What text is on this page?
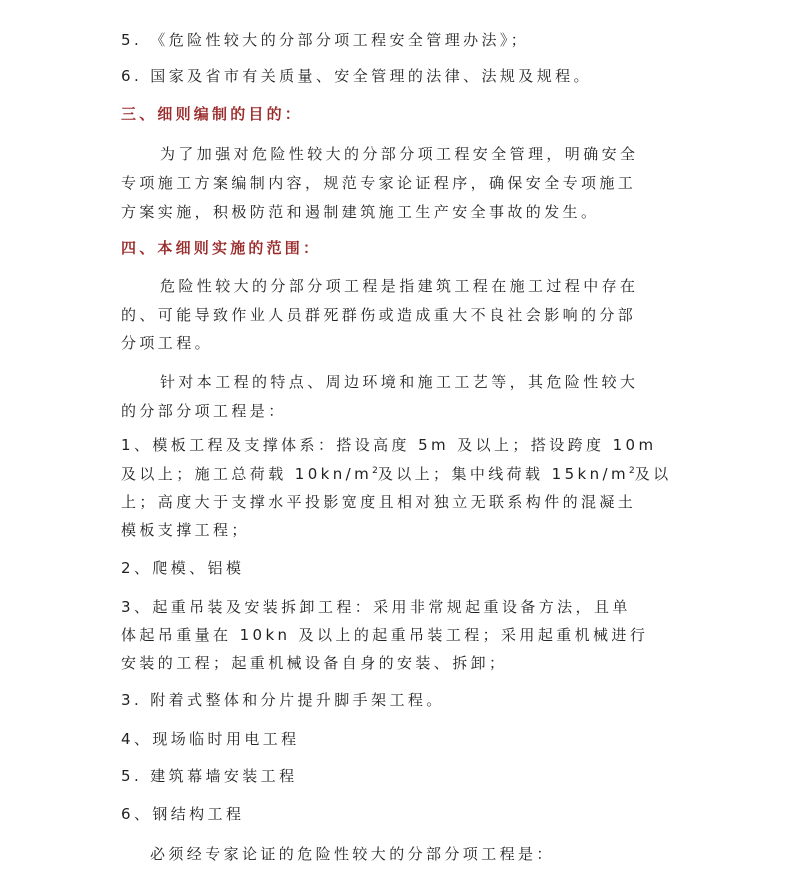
5. 《危险性较大的分部分项工程安全管理办法》；
6. 国家及省市有关质量、安全管理的法律、法规及规程。
三、细则编制的目的：
为了加强对危险性较大的分部分项工程安全管理，明确安全
专项施工方案编制内容，规范专家论证程序，确保安全专项施工
方案实施，积极防范和遏制建筑施工生产安全事故的发生。
四、本细则实施的范围：
危险性较大的分部分项工程是指建筑工程在施工过程中存在
的、可能导致作业人员群死群伤或造成重大不良社会影响的分部
分项工程。
针对本工程的特点、周边环境和施工工艺等，其危险性较大
的分部分项工程是：
1、模板工程及支撑体系：搭设高度 5m 及以上；搭设跨度 10m
及以上；施工总荷载 $10kn/m^2$及以上；集中线荷载 $15kn/m^2$及以
上；高度大于支撑水平投影宽度且相对独立无联系构件的混凝土
模板支撑工程；
2、爬模、铝模
3、起重吊装及安装拆卸工程：采用非常规起重设备方法，且单
体起吊重量在 10kn 及以上的起重吊装工程；采用起重机械进行
安装的工程；起重机械设备自身的安装、拆卸；
3. 附着式整体和分片提升脚手架工程。
4、现场临时用电工程
5. 建筑幕墙安装工程
6、钢结构工程
必须经专家论证的危险性较大的分部分项工程是：
